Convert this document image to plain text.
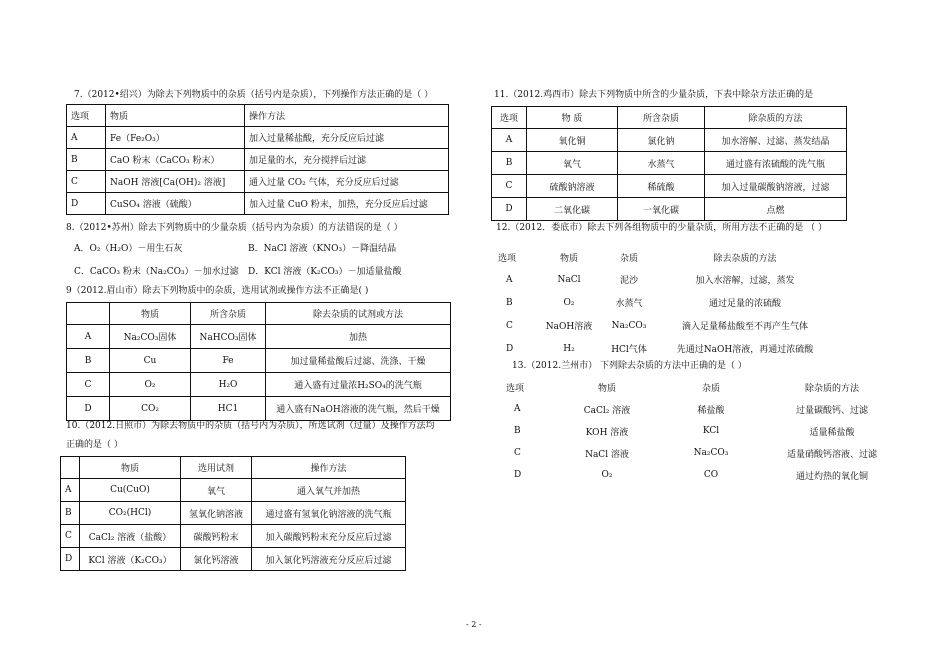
7.（2012•绍兴）为除去下列物质中的杂质（括号内是杂质），下列操作方法正确的是（ ）
选项	物质	操作方法
A	Fe（Fe₂O₃）	加入过量稀盐酸，充分反应后过滤
B	CaO 粉末（CaCO₃ 粉末）	加足量的水，充分搅拌后过滤
C	NaOH 溶液[Ca(OH)₂ 溶液]	通入过量 CO₂ 气体，充分反应后过滤
D	CuSO₄ 溶液（硫酸）	加入过量 CuO 粉末，加热，充分反应后过滤
8.（2012•苏州）除去下列物质中的少量杂质（括号内为杂质）的方法错误的是（ ）
A．O₂（H₂O）－用生石灰	B．NaCl 溶液（KNO₃）－降温结晶
C．CaCO₃ 粉末（Na₂CO₃）－加水过滤 D．KCl 溶液（K₂CO₃）－加适量盐酸
9（2012.眉山市）除去下列物质中的杂质，选用试剂或操作方法不正确是( )
	物质	所含杂质	除去杂质的试剂或方法
A	Na₂CO₃固体	NaHCO₃固体	加热
B	Cu	Fe	加过量稀盐酸后过滤、洗涤、干燥
C	O₂	H₂O	通入盛有过量浓H₂SO₄的洗气瓶
D	CO₂	HC1	通入盛有NaOH溶液的洗气瓶，然后干燥
10.（2012.日照市）为除去物质中的杂质（括号内为杂质），所选试剂（过量）及操作方法均
正确的是（ ）
	物质	选用试剂	操作方法
A	Cu(CuO)	氧气	通入氧气并加热
B	CO₂(HCl)	氢氧化钠溶液	通过盛有氢氧化钠溶液的洗气瓶
C	CaCl₂ 溶液（盐酸）	碳酸钙粉末	加入碳酸钙粉末充分反应后过滤
D	KCl 溶液（K₂CO₃）	氯化钙溶液	加入氯化钙溶液充分反应后过滤
11.（2012.鸡西市）除去下列物质中所含的少量杂质，下表中除杂方法正确的是
选项	物 质	所含杂质	除杂质的方法
A	氧化铜	氯化钠	加水溶解、过滤、蒸发结晶
B	氧气	水蒸气	通过盛有浓硫酸的洗气瓶
C	硫酸钠溶液	稀硫酸	加入过量碳酸钠溶液，过滤
D	二氧化碳	一氧化碳	点燃
12.（2012．娄底市）除去下列各组物质中的少量杂质，所用方法不正确的是 （ ）
选项	物质	杂质	除去杂质的方法
A	NaCl	泥沙	加入水溶解，过滤，蒸发
B	O₂	水蒸气	通过足量的浓硫酸
C	NaOH溶液	Na₂CO₃	滴入足量稀盐酸至不再产生气体
D	H₂	HCl气体	先通过NaOH溶液，再通过浓硫酸
13.（2012.兰州市） 下列除去杂质的方法中正确的是（ ）
选项	物质	杂质	除杂质的方法
A	CaCl₂ 溶液	稀盐酸	过量碳酸钙、过滤
B	KOH 溶液	KCl	适量稀盐酸
C	NaCl 溶液	Na₂CO₃	适量硝酸钙溶液、过滤
D	O₂	CO	通过灼热的氧化铜
- 2 -
